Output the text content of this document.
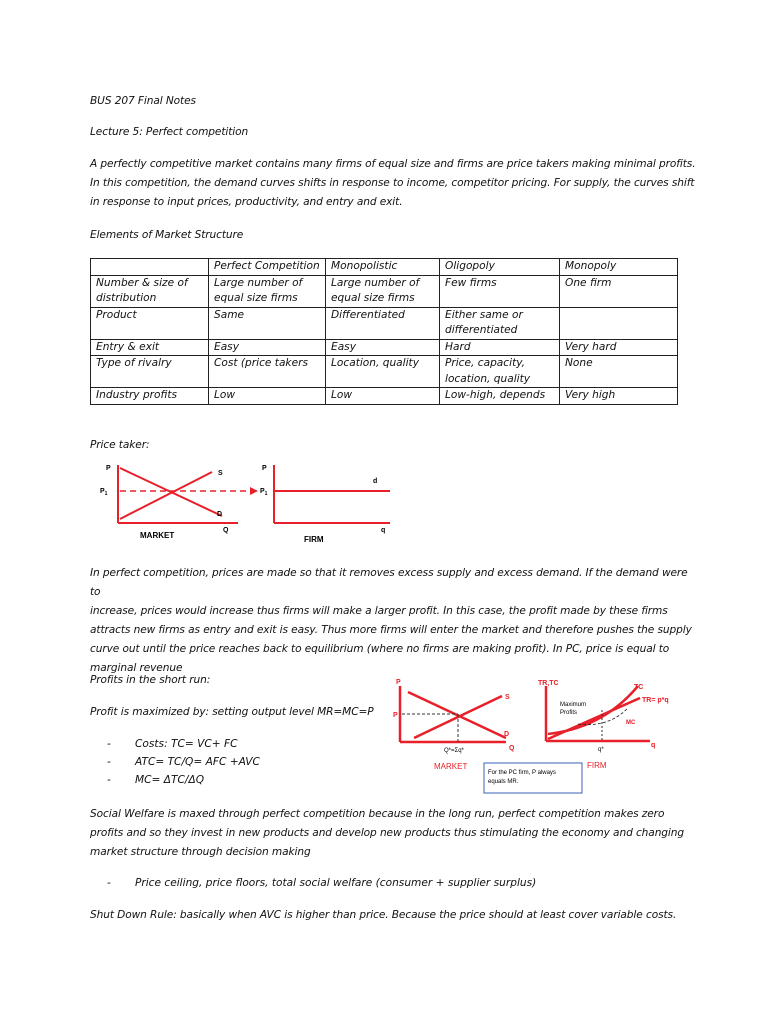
BUS 207 Final Notes
Lecture 5: Perfect competition
A perfectly competitive market contains many firms of equal size and firms are price takers making minimal profits.
In this competition, the demand curves shifts in response to income, competitor pricing. For supply, the curves shift
in response to input prices, productivity, and entry and exit.
Elements of Market Structure
	Perfect Competition	Monopolistic	Oligopoly	Monopoly
Number & size of distribution	Large number of equal size firms	Large number of equal size firms	Few firms	One firm
Product	Same	Differentiated	Either same or differentiated	
Entry & exit	Easy	Easy	Hard	Very hard
Type of rivalry	Cost (price takers	Location, quality	Price, capacity, location, quality	None
Industry profits	Low	Low	Low-high, depends	Very high
Price taker:
P
$P_1$
S
D
Q
MARKET
P
$P_1$
d
q
FIRM
In perfect competition, prices are made so that it removes excess supply and excess demand. If the demand were to
increase, prices would increase thus firms will make a larger profit. In this case, the profit made by these firms
attracts new firms as entry and exit is easy. Thus more firms will enter the market and therefore pushes the supply
curve out until the price reaches back to equilibrium (where no firms are making profit). In PC, price is equal to
marginal revenue
Profits in the short run:
Profit is maximized by: setting output level MR=MC=P
- Costs: TC= VC+ FC
- ATC= TC/Q= AFC +AVC
- MC= ΔTC/ΔQ
P
P
S
D
Q
Q*=Σq*
MARKET
For the PC firm, P always
equals MR.
TR,TC
TC
TR= p*q
Maximum
Profits
MC
q*
q
FIRM
Social Welfare is maxed through perfect competition because in the long run, perfect competition makes zero
profits and so they invest in new products and develop new products thus stimulating the economy and changing
market structure through decision making
- Price ceiling, price floors, total social welfare (consumer + supplier surplus)
Shut Down Rule: basically when AVC is higher than price. Because the price should at least cover variable costs.
